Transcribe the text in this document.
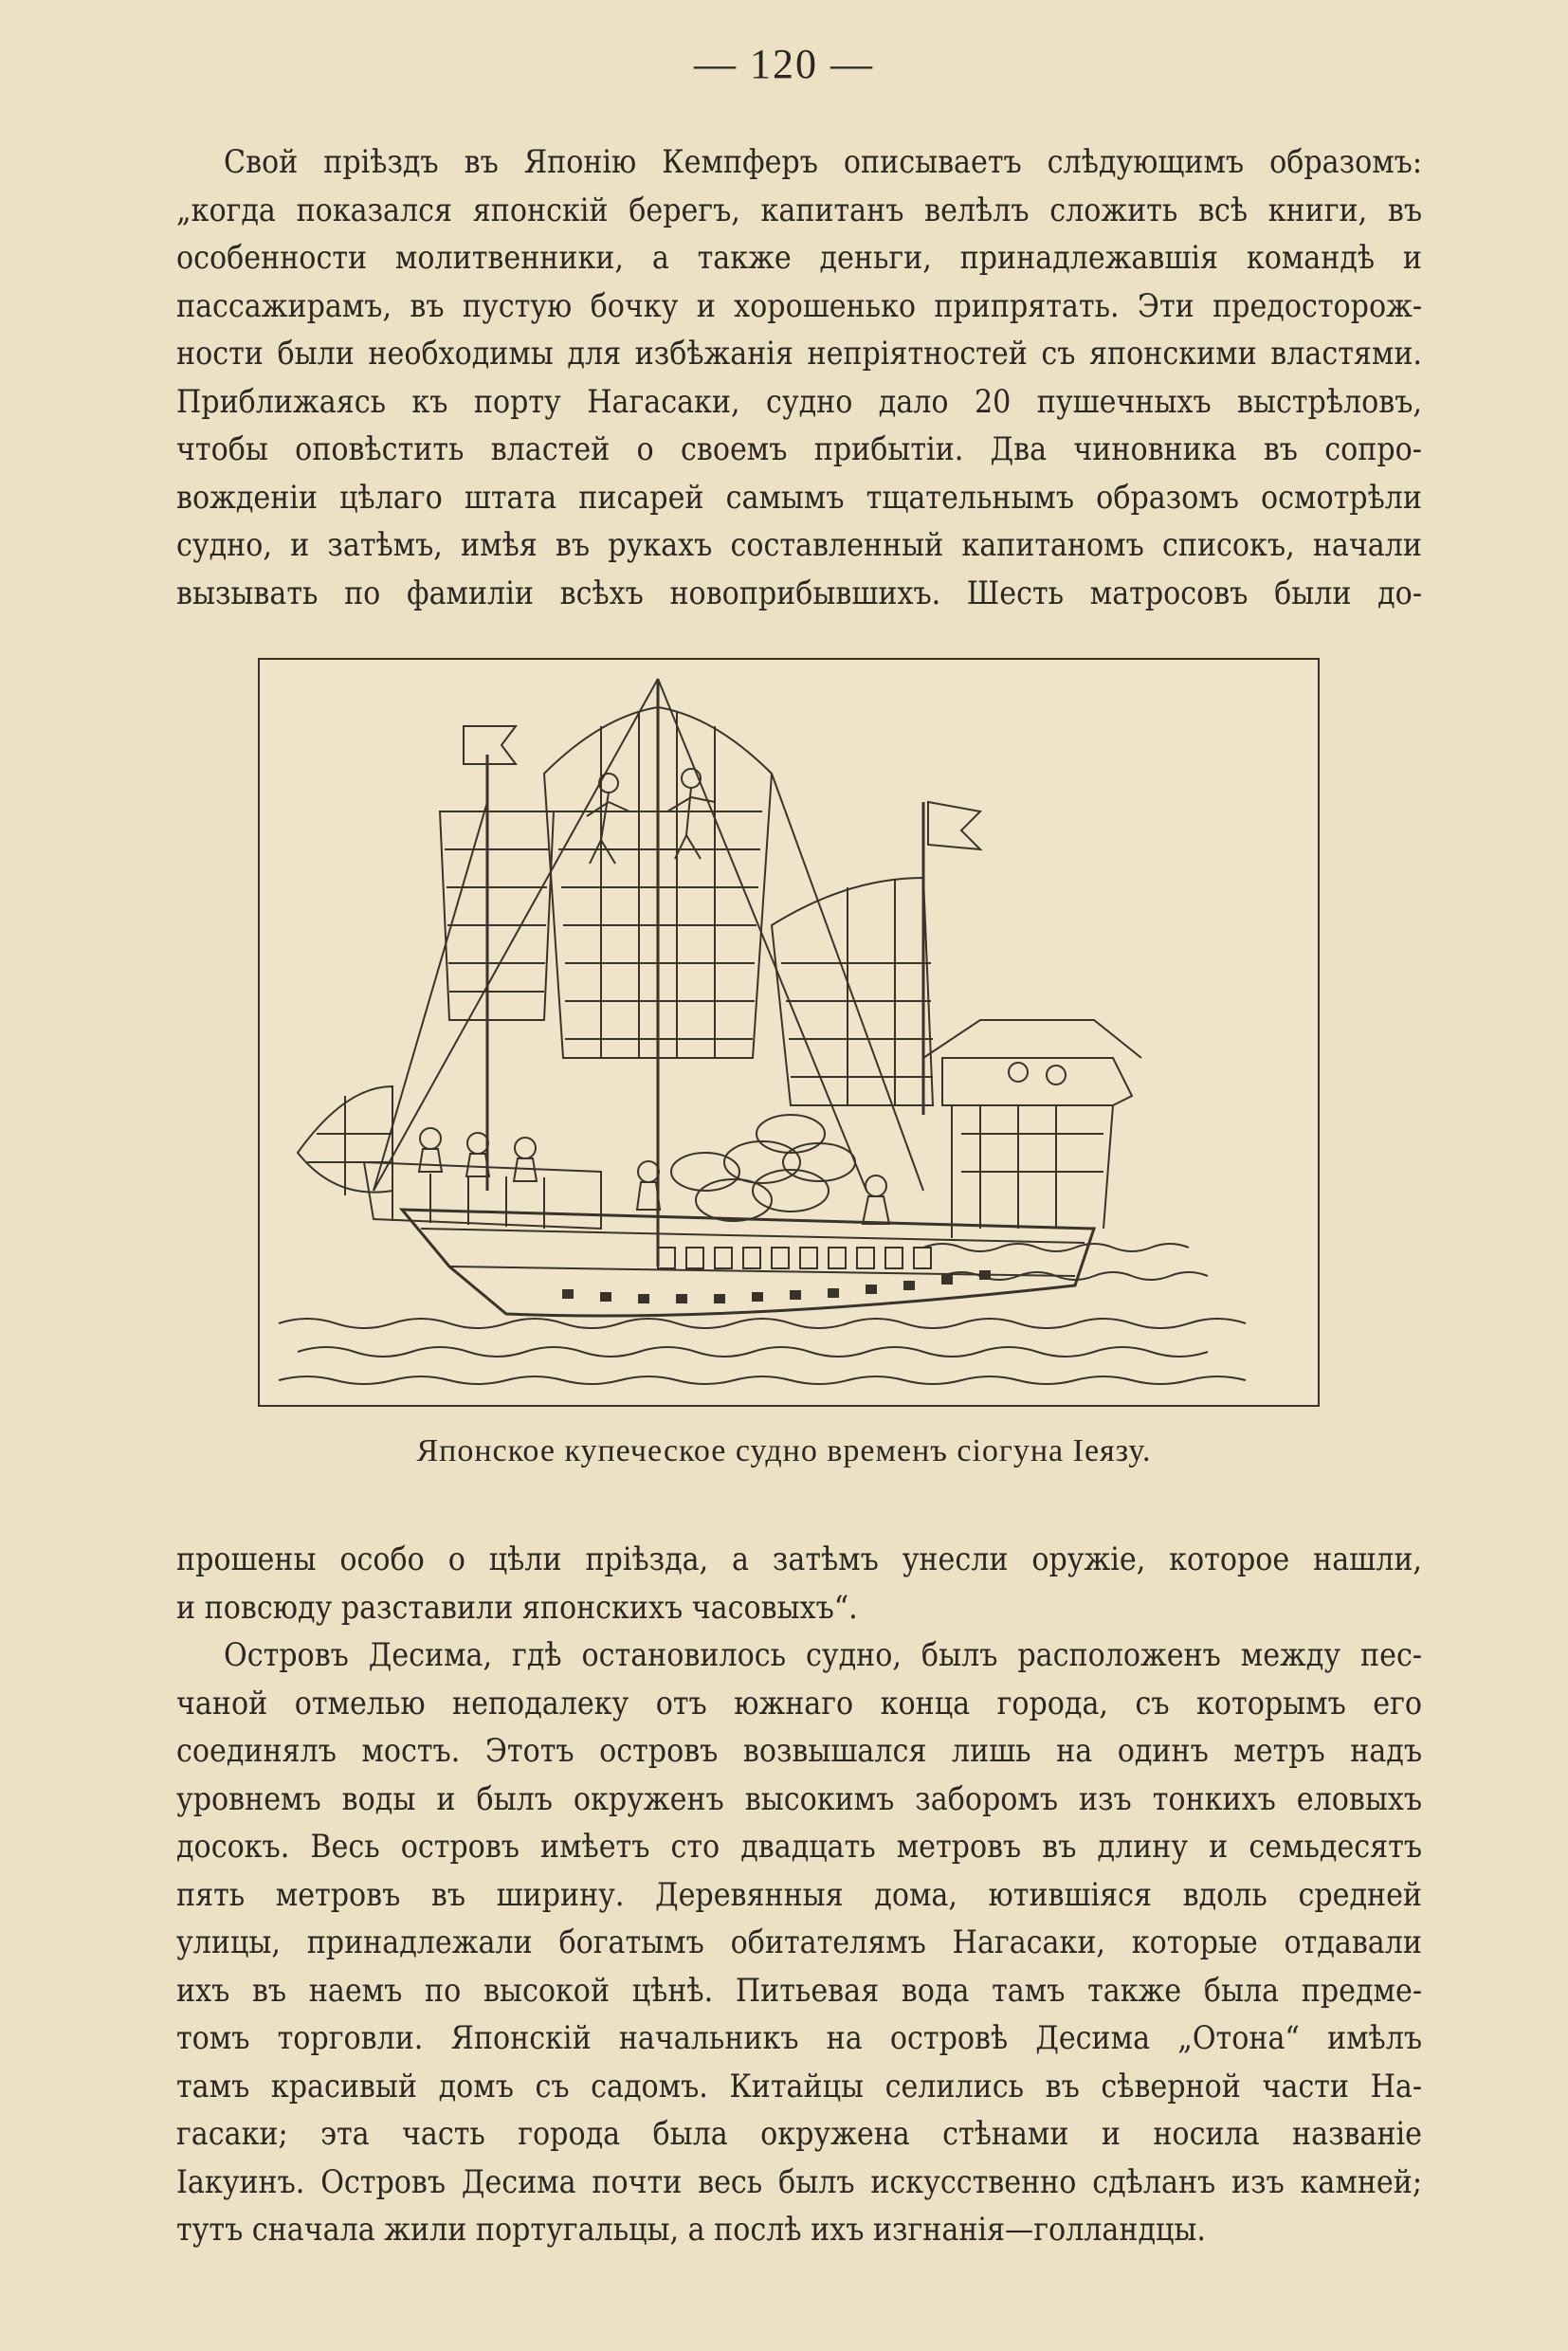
— 120 —
Свой пріѣздъ въ Японію Кемпферъ описываетъ слѣдующимъ образомъ:
„когда показался японскій берегъ, капитанъ велѣлъ сложить всѣ книги, въ
особенности молитвенники, а также деньги, принадлежавшія командѣ и
пассажирамъ, въ пустую бочку и хорошенько припрятать. Эти предосторож-
ности были необходимы для избѣжанія непріятностей съ японскими властями.
Приближаясь къ порту Нагасаки, судно дало 20 пушечныхъ выстрѣловъ,
чтобы оповѣстить властей о своемъ прибытіи. Два чиновника въ сопро-
вожденіи цѣлаго штата писарей самымъ тщательнымъ образомъ осмотрѣли
судно, и затѣмъ, имѣя въ рукахъ составленный капитаномъ списокъ, начали
вызывать по фамиліи всѣхъ новоприбывшихъ. Шесть матросовъ были до-
Японское купеческое судно временъ сіогуна Іеязу.
прошены особо о цѣли пріѣзда, а затѣмъ унесли оружіе, которое нашли,
и повсюду разставили японскихъ часовыхъ“.
Островъ Десима, гдѣ остановилось судно, былъ расположенъ между пес-
чаной отмелью неподалеку отъ южнаго конца города, съ которымъ его
соединялъ мостъ. Этотъ островъ возвышался лишь на одинъ метръ надъ
уровнемъ воды и былъ окруженъ высокимъ заборомъ изъ тонкихъ еловыхъ
досокъ. Весь островъ имѣетъ сто двадцать метровъ въ длину и семьдесятъ
пять метровъ въ ширину. Деревянныя дома, ютившіяся вдоль средней
улицы, принадлежали богатымъ обитателямъ Нагасаки, которые отдавали
ихъ въ наемъ по высокой цѣнѣ. Питьевая вода тамъ также была предме-
томъ торговли. Японскій начальникъ на островѣ Десима „Отона“ имѣлъ
тамъ красивый домъ съ садомъ. Китайцы селились въ сѣверной части На-
гасаки; эта часть города была окружена стѣнами и носила названіе
Іакуинъ. Островъ Десима почти весь былъ искусственно сдѣланъ изъ камней;
тутъ сначала жили португальцы, а послѣ ихъ изгнанія—голландцы.
